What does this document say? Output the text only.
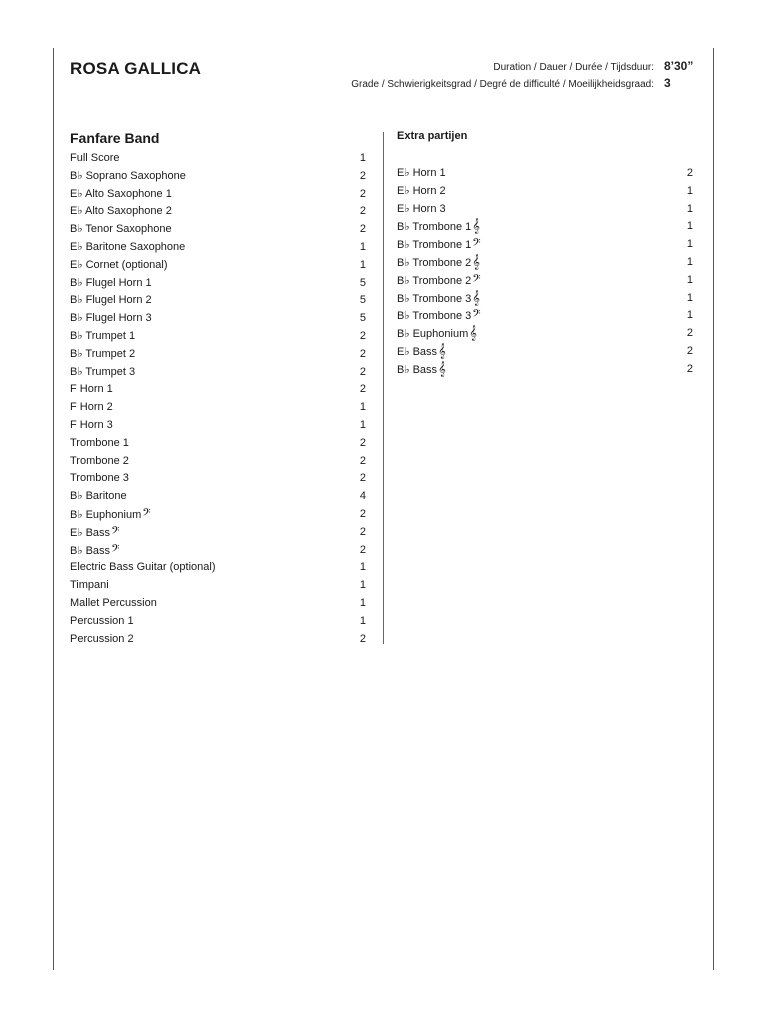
ROSA GALLICA	Duration / Dauer / Durée / Tijdsduur: 8’30”
Grade / Schwierigkeitsgrad / Degré de difficulté / Moeilijkheidsgraad: 3
Fanfare Band
Full Score	1
B♭ Soprano Saxophone	2
E♭ Alto Saxophone 1	2
E♭ Alto Saxophone 2	2
B♭ Tenor Saxophone	2
E♭ Baritone Saxophone	1
E♭ Cornet (optional)	1
B♭ Flugel Horn 1	5
B♭ Flugel Horn 2	5
B♭ Flugel Horn 3	5
B♭ Trumpet 1	2
B♭ Trumpet 2	2
B♭ Trumpet 3	2
F Horn 1	2
F Horn 2	1
F Horn 3	1
Trombone 1	2
Trombone 2	2
Trombone 3	2
B♭ Baritone	4
B♭ Euphonium𝄢	2
E♭ Bass𝄢	2
B♭ Bass𝄢	2
Electric Bass Guitar (optional)	1
Timpani	1
Mallet Percussion	1
Percussion 1	1
Percussion 2	2
Extra partijen
E♭ Horn 1	2
E♭ Horn 2	1
E♭ Horn 3	1
B♭ Trombone 1𝄞	1
B♭ Trombone 1𝄢	1
B♭ Trombone 2𝄞	1
B♭ Trombone 2𝄢	1
B♭ Trombone 3𝄞	1
B♭ Trombone 3𝄢	1
B♭ Euphonium𝄞	2
E♭ Bass𝄞	2
B♭ Bass𝄞	2
